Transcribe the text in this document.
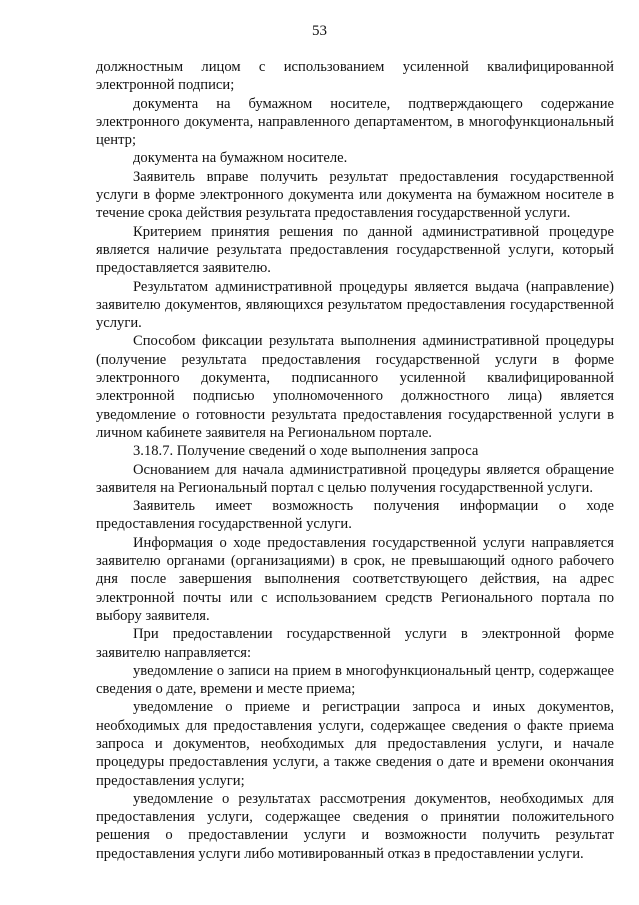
53

должностным лицом с использованием усиленной квалифицированной электронной подписи;

документа на бумажном носителе, подтверждающего содержание электронного документа, направленного департаментом, в многофункциональный центр;

документа на бумажном носителе.

Заявитель вправе получить результат предоставления государственной услуги в форме электронного документа или документа на бумажном носителе в течение срока действия результата предоставления государственной услуги.

Критерием принятия решения по данной административной процедуре является наличие результата предоставления государственной услуги, который предоставляется заявителю.

Результатом административной процедуры является выдача (направление) заявителю документов, являющихся результатом предоставления государственной услуги.

Способом фиксации результата выполнения административной процедуры (получение результата предоставления государственной услуги в форме электронного документа, подписанного усиленной квалифицированной электронной подписью уполномоченного должностного лица) является уведомление о готовности результата предоставления государственной услуги в личном кабинете заявителя на Региональном портале.

3.18.7. Получение сведений о ходе выполнения запроса

Основанием для начала административной процедуры является обращение заявителя на Региональный портал с целью получения государственной услуги.

Заявитель имеет возможность получения информации о ходе предоставления государственной услуги.

Информация о ходе предоставления государственной услуги направляется заявителю органами (организациями) в срок, не превышающий одного рабочего дня после завершения выполнения соответствующего действия, на адрес электронной почты или с использованием средств Регионального портала по выбору заявителя.

При предоставлении государственной услуги в электронной форме заявителю направляется:

уведомление о записи на прием в многофункциональный центр, содержащее сведения о дате, времени и месте приема;

уведомление о приеме и регистрации запроса и иных документов, необходимых для предоставления услуги, содержащее сведения о факте приема запроса и документов, необходимых для предоставления услуги, и начале процедуры предоставления услуги, а также сведения о дате и времени окончания предоставления услуги;

уведомление о результатах рассмотрения документов, необходимых для предоставления услуги, содержащее сведения о принятии положительного решения о предоставлении услуги и возможности получить результат предоставления услуги либо мотивированный отказ в предоставлении услуги.
